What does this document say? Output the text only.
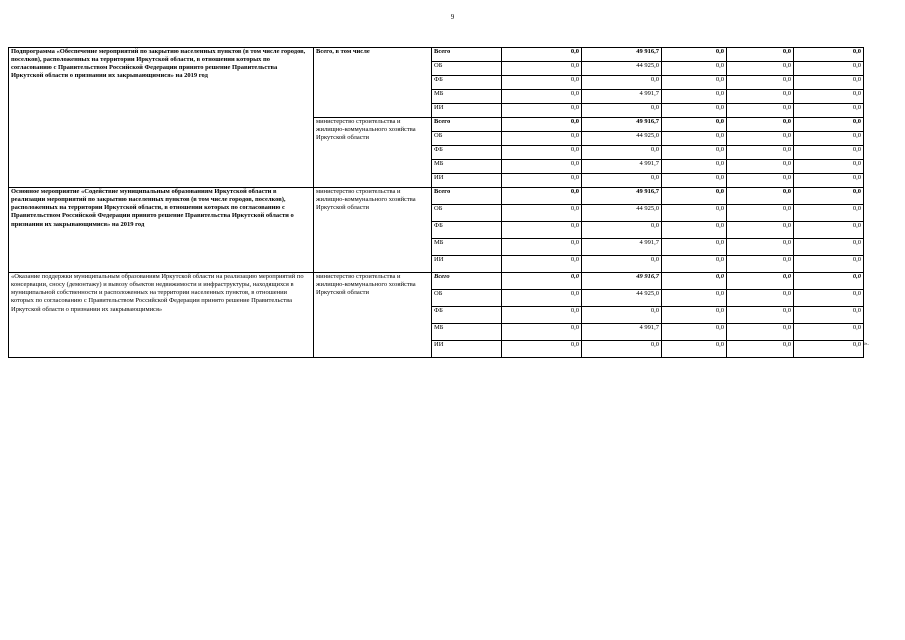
9
Подпрограмма «Обеспечение мероприятий по закрытию населенных пунктов (в том числе городов, поселков), расположенных на территории Иркутской области, в отношении которых по согласованию с Правительством Российской Федерации принято решение Правительства Иркутской области о признании их закрывающимися» на 2019 год	Всего, в том числе	Всего	0,0	49 916,7	0,0	0,0	0,0
		ОБ	0,0	44 925,0	0,0	0,0	0,0
		ФБ	0,0	0,0	0,0	0,0	0,0
		МБ	0,0	4 991,7	0,0	0,0	0,0
		ИИ	0,0	0,0	0,0	0,0	0,0
	министерство строительства и жилищно-коммунального хозяйства Иркутской области	Всего	0,0	49 916,7	0,0	0,0	0,0
		ОБ	0,0	44 925,0	0,0	0,0	0,0
		ФБ	0,0	0,0	0,0	0,0	0,0
		МБ	0,0	4 991,7	0,0	0,0	0,0
		ИИ	0,0	0,0	0,0	0,0	0,0
Основное мероприятие «Содействие муниципальным образованиям Иркутской области в реализации мероприятий по закрытию населенных пунктов (в том числе городов, поселков), расположенных на территории Иркутской области, в отношении которых по согласованию с Правительством Российской Федерации принято решение Правительства Иркутской области о признании их закрывающимися» на 2019 год	министерство строительства и жилищно-коммунального хозяйства Иркутской области	Всего	0,0	49 916,7	0,0	0,0	0,0
		ОБ	0,0	44 925,0	0,0	0,0	0,0
		ФБ	0,0	0,0	0,0	0,0	0,0
		МБ	0,0	4 991,7	0,0	0,0	0,0
		ИИ	0,0	0,0	0,0	0,0	0,0
«Оказание поддержки муниципальным образованиям Иркутской области на реализацию мероприятий по консервации, сносу (демонтажу) и вывозу объектов недвижимости и инфраструктуры, находящихся в муниципальной собственности и расположенных на территории населенных пунктов, в отношении которых по согласованию с Правительством Российской Федерации принято решение Правительства Иркутской области о признании их закрывающимися»	министерство строительства и жилищно-коммунального хозяйства Иркутской области	Всего	0,0	49 916,7	0,0	0,0	0,0
		ОБ	0,0	44 925,0	0,0	0,0	0,0
		ФБ	0,0	0,0	0,0	0,0	0,0
		МБ	0,0	4 991,7	0,0	0,0	0,0
		ИИ	0,0	0,0	0,0	0,0	0,0 ».
